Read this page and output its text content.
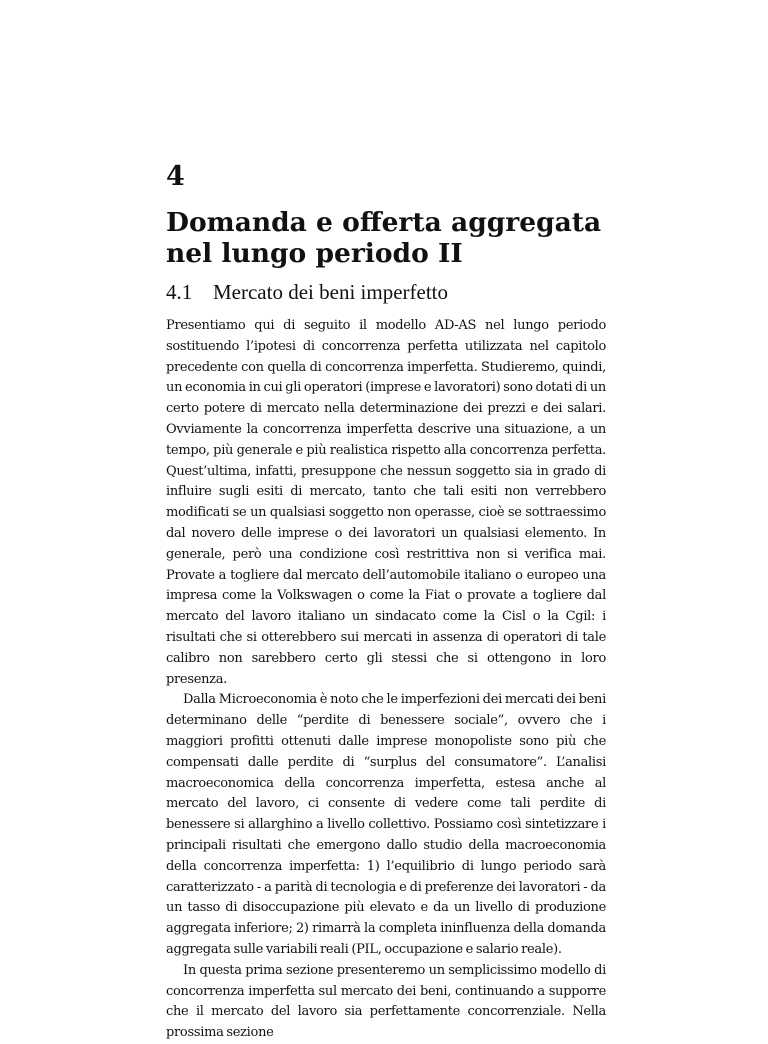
4
Domanda e offerta aggregata nel lungo periodo II
4.1 Mercato dei beni imperfetto

Presentiamo qui di seguito il modello AD-AS nel lungo periodo sostituendo l’ipotesi di concorrenza perfetta utilizzata nel capitolo precedente con quella di concorrenza imperfetta. Studieremo, quindi, un economia in cui gli operatori (imprese e lavoratori) sono dotati di un certo potere di mercato nella determinazione dei prezzi e dei salari. Ovviamente la concorrenza imperfetta descrive una situazione, a un tempo, più generale e più realistica rispetto alla concorrenza perfetta. Quest’ultima, infatti, presuppone che nessun soggetto sia in grado di influire sugli esiti di mercato, tanto che tali esiti non verrebbero modificati se un qualsiasi soggetto non operasse, cioè se sottraessimo dal novero delle imprese o dei lavoratori un qualsiasi elemento. In generale, però una condizione così restrittiva non si verifica mai. Provate a togliere dal mercato dell’automobile italiano o europeo una impresa come la Volkswagen o come la Fiat o provate a togliere dal mercato del lavoro italiano un sindacato come la Cisl o la Cgil: i risultati che si otterebbero sui mercati in assenza di operatori di tale calibro non sarebbero certo gli stessi che si ottengono in loro presenza.

Dalla Microeconomia è noto che le imperfezioni dei mercati dei beni determinano delle “perdite di benessere sociale”, ovvero che i maggiori profitti ottenuti dalle imprese monopoliste sono più che compensati dalle perdite di “surplus del consumatore”. L’analisi macroeconomica della concorrenza imperfetta, estesa anche al mercato del lavoro, ci consente di vedere come tali perdite di benessere si allarghino a livello collettivo. Possiamo così sintetizzare i principali risultati che emergono dallo studio della macroeconomia della concorrenza imperfetta: 1) l’equilibrio di lungo periodo sarà caratterizzato - a parità di tecnologia e di preferenze dei lavoratori - da un tasso di disoccupazione più elevato e da un livello di produzione aggregata inferiore; 2) rimarrà la completa ininfluenza della domanda aggregata sulle variabili reali (PIL, occupazione e salario reale).

In questa prima sezione presenteremo un semplicissimo modello di concorrenza imperfetta sul mercato dei beni, continuando a supporre che il mercato del lavoro sia perfettamente concorrenziale. Nella prossima sezione
